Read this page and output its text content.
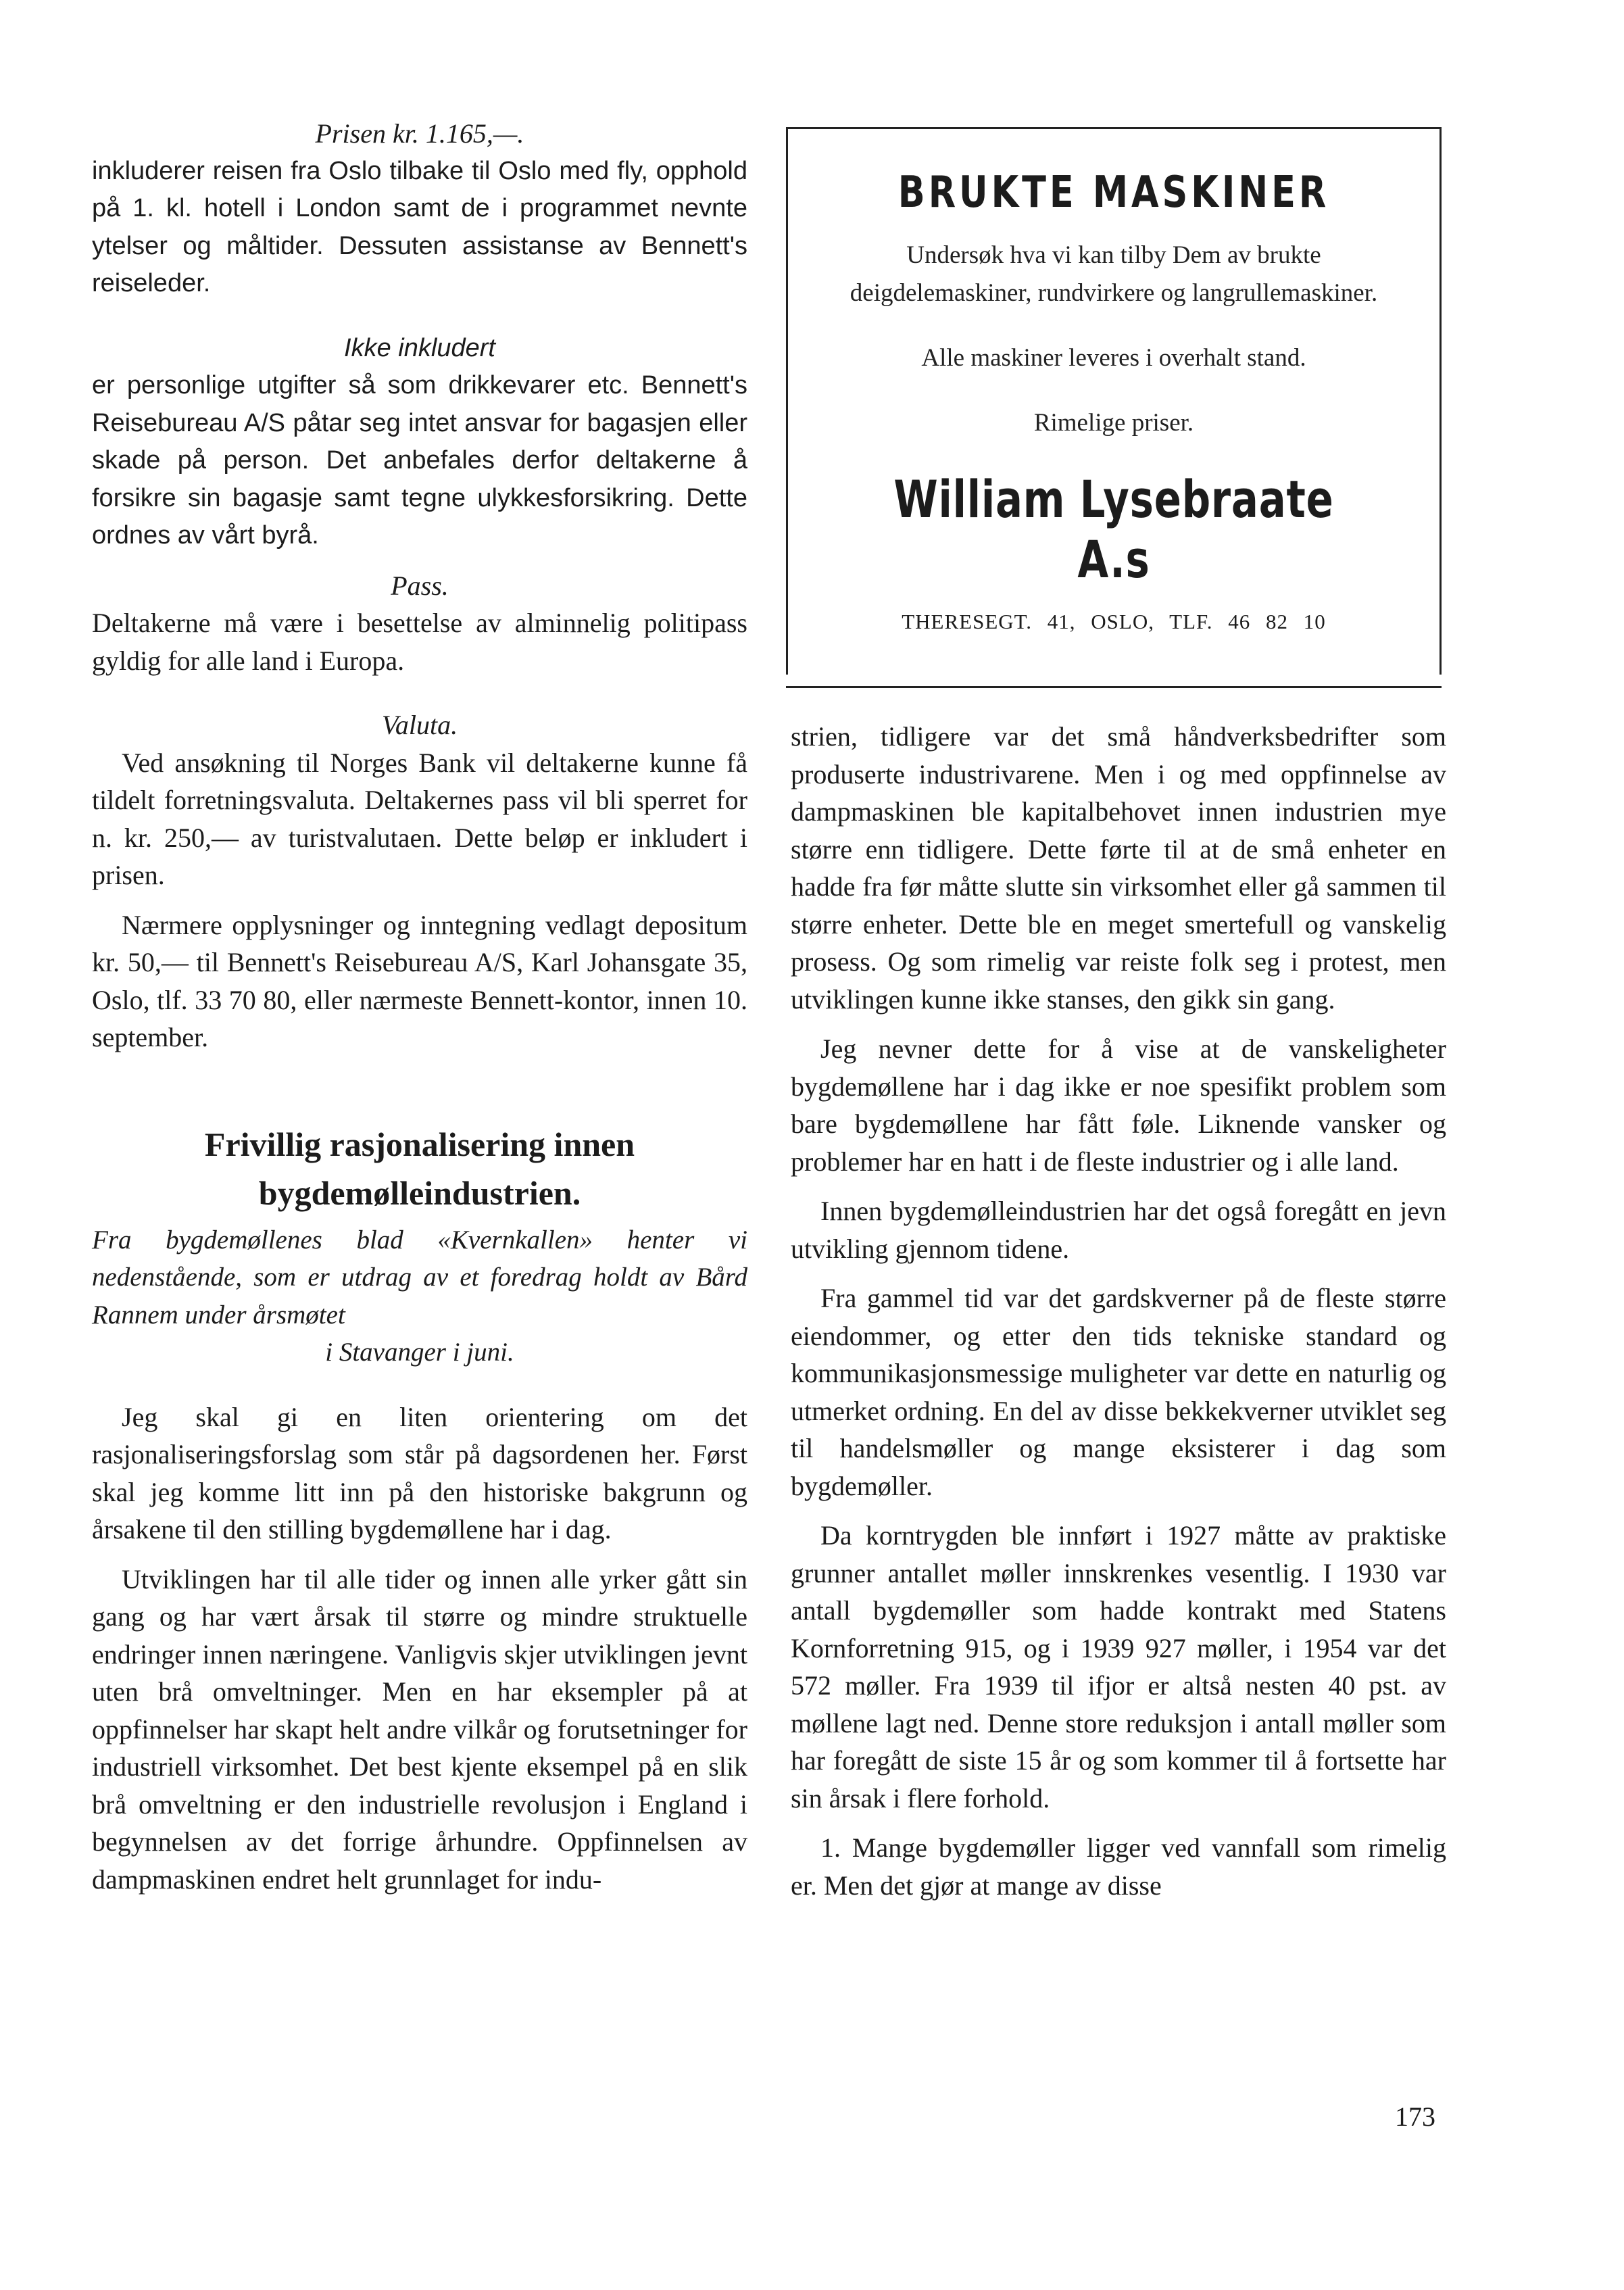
Prisen kr. 1.165,—.

inkluderer reisen fra Oslo tilbake til Oslo med fly, opphold på 1. kl. hotell i London samt de i programmet nevnte ytelser og måltider. Dessuten assistanse av Bennett's reiseleder.

Ikke inkludert

er personlige utgifter så som drikkevarer etc. Bennett's Reisebureau A/S påtar seg intet ansvar for bagasjen eller skade på person. Det anbefales derfor deltakerne å forsikre sin bagasje samt tegne ulykkesforsikring. Dette ordnes av vårt byrå.

Pass.

Deltakerne må være i besettelse av alminnelig politipass gyldig for alle land i Europa.

Valuta.

Ved ansøkning til Norges Bank vil deltakerne kunne få tildelt forretningsvaluta. Deltakernes pass vil bli sperret for n. kr. 250,— av turistvalutaen. Dette beløp er inkludert i prisen.

Nærmere opplysninger og inntegning vedlagt depositum kr. 50,–– til Bennett's Reisebureau A/S, Karl Johansgate 35, Oslo, tlf. 33 70 80, eller nærmeste Bennett-kontor, innen 10. september.

Frivillig rasjonalisering innen
bygdemølleindustrien.

Fra bygdemøllenes blad «Kvernkallen» henter vi nedenstående, som er utdrag av et foredrag holdt av Bård Rannem under årsmøtet
i Stavanger i juni.

Jeg skal gi en liten orientering om det rasjonaliseringsforslag som står på dagsordenen her. Først skal jeg komme litt inn på den historiske bakgrunn og årsakene til den stilling bygdemøllene har i dag.

Utviklingen har til alle tider og innen alle yrker gått sin gang og har vært årsak til større og mindre struktuelle endringer innen næringene. Vanligvis skjer utviklingen jevnt uten brå omveltninger. Men en har eksempler på at oppfinnelser har skapt helt andre vilkår og forutsetninger for industriell virksomhet. Det best kjente eksempel på en slik brå omveltning er den industrielle revolusjon i England i begynnelsen av det forrige århundre. Oppfinnelsen av dampmaskinen endret helt grunnlaget for indu-

BRUKTE MASKINER
Undersøk hva vi kan tilby Dem av brukte deigdelemaskiner, rundvirkere og langrullemaskiner.
Alle maskiner leveres i overhalt stand.
Rimelige priser.
William Lysebraate A.s
THERESEGT. 41, OSLO, TLF. 46 82 10

strien, tidligere var det små håndverksbedrifter som produserte industrivarene. Men i og med oppfinnelse av dampmaskinen ble kapitalbehovet innen industrien mye større enn tidligere. Dette førte til at de små enheter en hadde fra før måtte slutte sin virksomhet eller gå sammen til større enheter. Dette ble en meget smertefull og vanskelig prosess. Og som rimelig var reiste folk seg i protest, men utviklingen kunne ikke stanses, den gikk sin gang.

Jeg nevner dette for å vise at de vanskeligheter bygdemøllene har i dag ikke er noe spesifikt problem som bare bygdemøllene har fått føle. Liknende vansker og problemer har en hatt i de fleste industrier og i alle land.

Innen bygdemølleindustrien har det også foregått en jevn utvikling gjennom tidene.

Fra gammel tid var det gardskverner på de fleste større eiendommer, og etter den tids tekniske standard og kommunikasjonsmessige muligheter var dette en naturlig og utmerket ordning. En del av disse bekkekverner utviklet seg til handelsmøller og mange eksisterer i dag som bygdemøller.

Da korntrygden ble innført i 1927 måtte av praktiske grunner antallet møller innskrenkes vesentlig. I 1930 var antall bygdemøller som hadde kontrakt med Statens Kornforretning 915, og i 1939 927 møller, i 1954 var det 572 møller. Fra 1939 til ifjor er altså nesten 40 pst. av møllene lagt ned. Denne store reduksjon i antall møller som har foregått de siste 15 år og som kommer til å fortsette har sin årsak i flere forhold.

1. Mange bygdemøller ligger ved vannfall som rimelig er. Men det gjør at mange av disse

173
